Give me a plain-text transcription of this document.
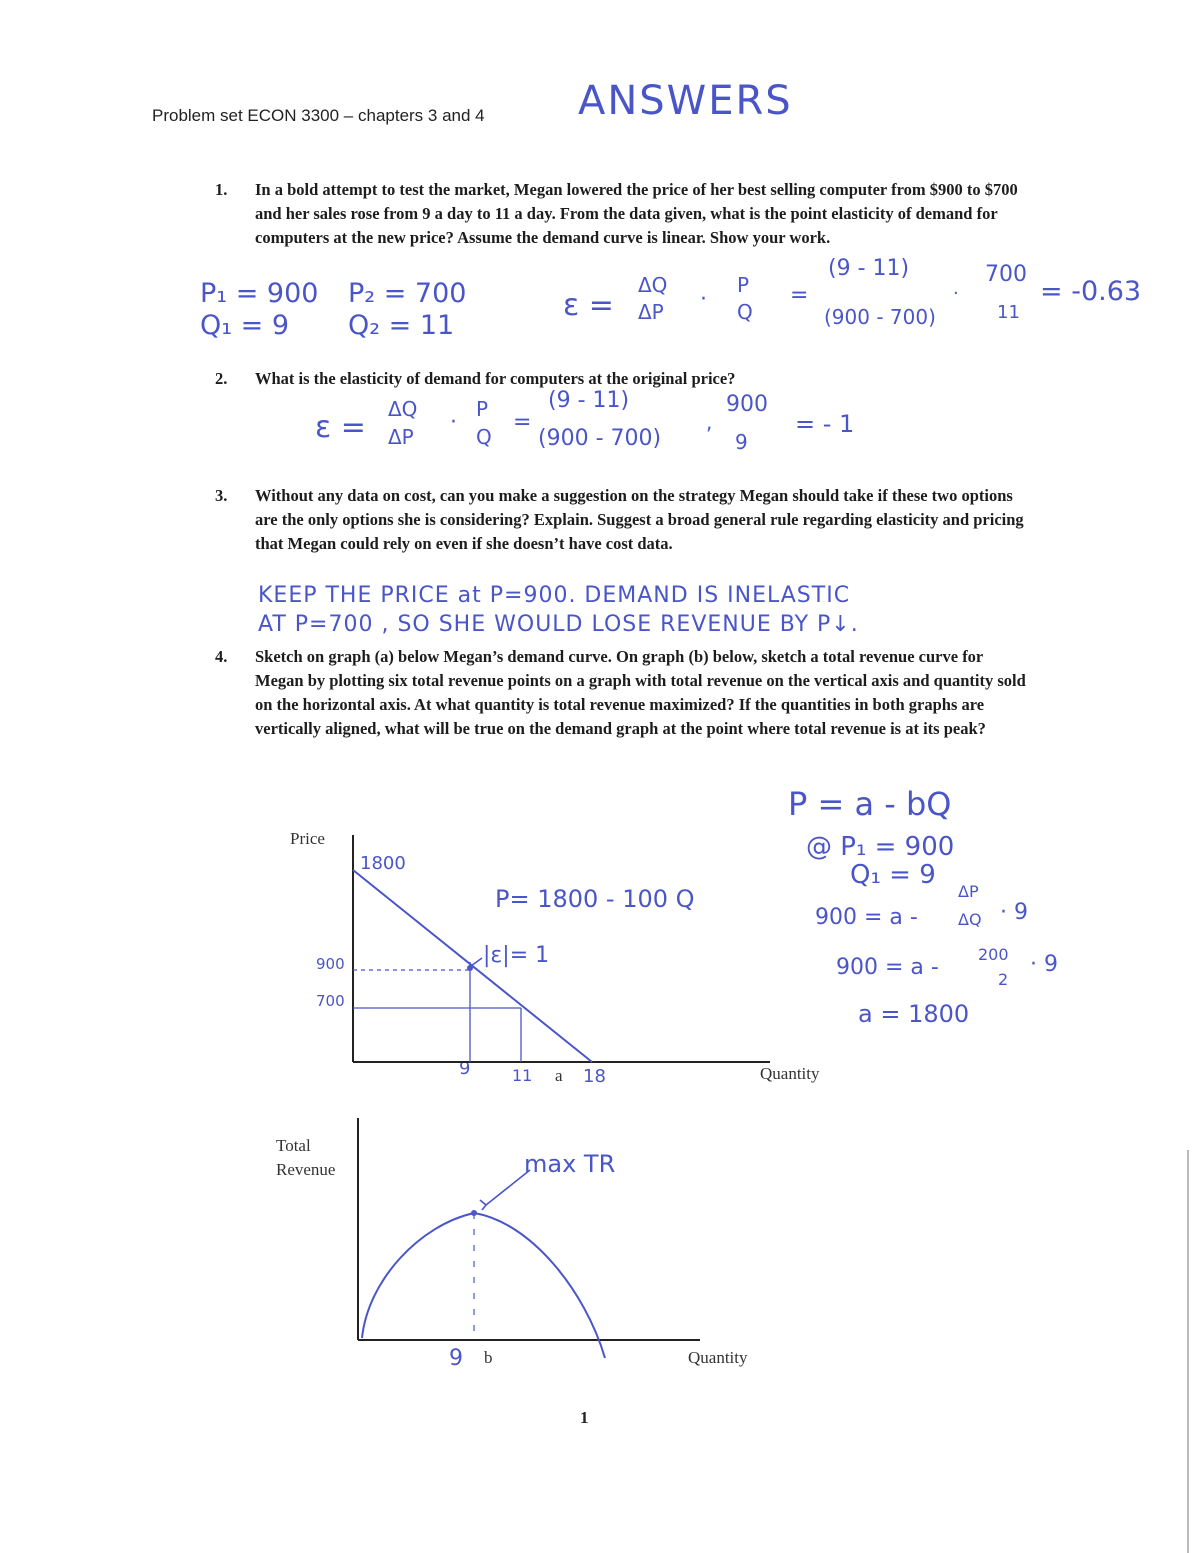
Problem set ECON 3300 – chapters 3 and 4 ANSWERS
1.	In a bold attempt to test the market, Megan lowered the price of her best selling computer from $900 to $700 and her sales rose from 9 a day to 11 a day. From the data given, what is the point elasticity of demand for computers at the new price? Assume the demand curve is linear. Show your work.
P₁ = 900
Q₁ = 9
P₂ = 700
Q₂ = 11
ε =
ΔQ
ΔP ·
P
Q
=
(9 - 11)
(900 - 700)
·
700
11
= -0.63
2.	What is the elasticity of demand for computers at the original price?
ε =
ΔQ
ΔP
·
P
Q
=
(9 - 11)
(900 - 700)
,
900
9
= - 1
3.	Without any data on cost, can you make a suggestion on the strategy Megan should take if these two options are the only options she is considering? Explain. Suggest a broad general rule regarding elasticity and pricing that Megan could rely on even if she doesn’t have cost data.
KEEP THE PRICE at P=900. DEMAND IS INELASTIC
AT P=700 , SO SHE WOULD LOSE REVENUE BY P↓.
4.	Sketch on graph (a) below Megan’s demand curve. On graph (b) below, sketch a total revenue curve for Megan by plotting six total revenue points on a graph with total revenue on the vertical axis and quantity sold on the horizontal axis. At what quantity is total revenue maximized? If the quantities in both graphs are vertically aligned, what will be true on the demand graph at the point where total revenue is at its peak?
P = a - bQ
@ P₁ = 900
Q₁ = 9
900 = a -
ΔP
ΔQ · 9
900 = a -
200
2
· 9
a = 1800
Price
Quantity
1800
900
700
9	11 a 18
P= 1800 - 100 Q
|ε|= 1
Total
Revenue
Quantity
9 b
max TR
1
